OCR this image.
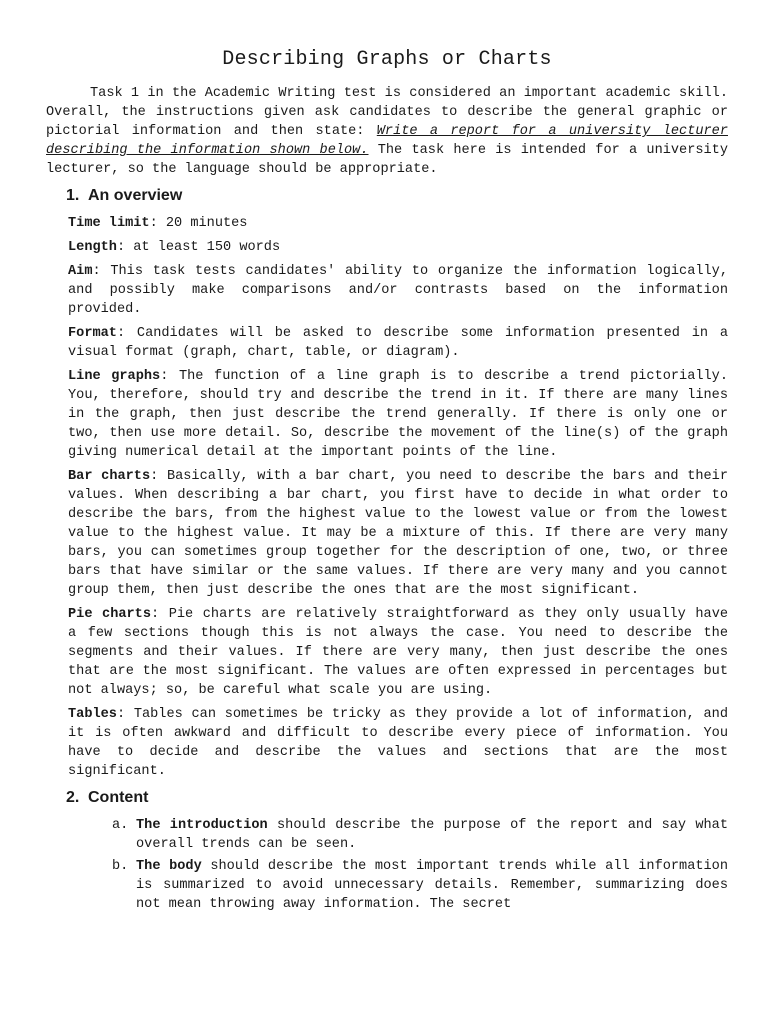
Describing Graphs or Charts

Task 1 in the Academic Writing test is considered an important academic skill. Overall, the instructions given ask candidates to describe the general graphic or pictorial information and then state: Write a report for a university lecturer describing the information shown below. The task here is intended for a university lecturer, so the language should be appropriate.

1. An overview

Time limit: 20 minutes

Length: at least 150 words

Aim: This task tests candidates' ability to organize the information logically, and possibly make comparisons and/or contrasts based on the information provided.

Format: Candidates will be asked to describe some information presented in a visual format (graph, chart, table, or diagram).

Line graphs: The function of a line graph is to describe a trend pictorially. You, therefore, should try and describe the trend in it. If there are many lines in the graph, then just describe the trend generally. If there is only one or two, then use more detail. So, describe the movement of the line(s) of the graph giving numerical detail at the important points of the line.

Bar charts: Basically, with a bar chart, you need to describe the bars and their values. When describing a bar chart, you first have to decide in what order to describe the bars, from the highest value to the lowest value or from the lowest value to the highest value. It may be a mixture of this. If there are very many bars, you can sometimes group together for the description of one, two, or three bars that have similar or the same values. If there are very many and you cannot group them, then just describe the ones that are the most significant.

Pie charts: Pie charts are relatively straightforward as they only usually have a few sections though this is not always the case. You need to describe the segments and their values. If there are very many, then just describe the ones that are the most significant. The values are often expressed in percentages but not always; so, be careful what scale you are using.

Tables: Tables can sometimes be tricky as they provide a lot of information, and it is often awkward and difficult to describe every piece of information. You have to decide and describe the values and sections that are the most significant.

2. Content

a. The introduction should describe the purpose of the report and say what overall trends can be seen.

b. The body should describe the most important trends while all information is summarized to avoid unnecessary details. Remember, summarizing does not mean throwing away information. The secret
